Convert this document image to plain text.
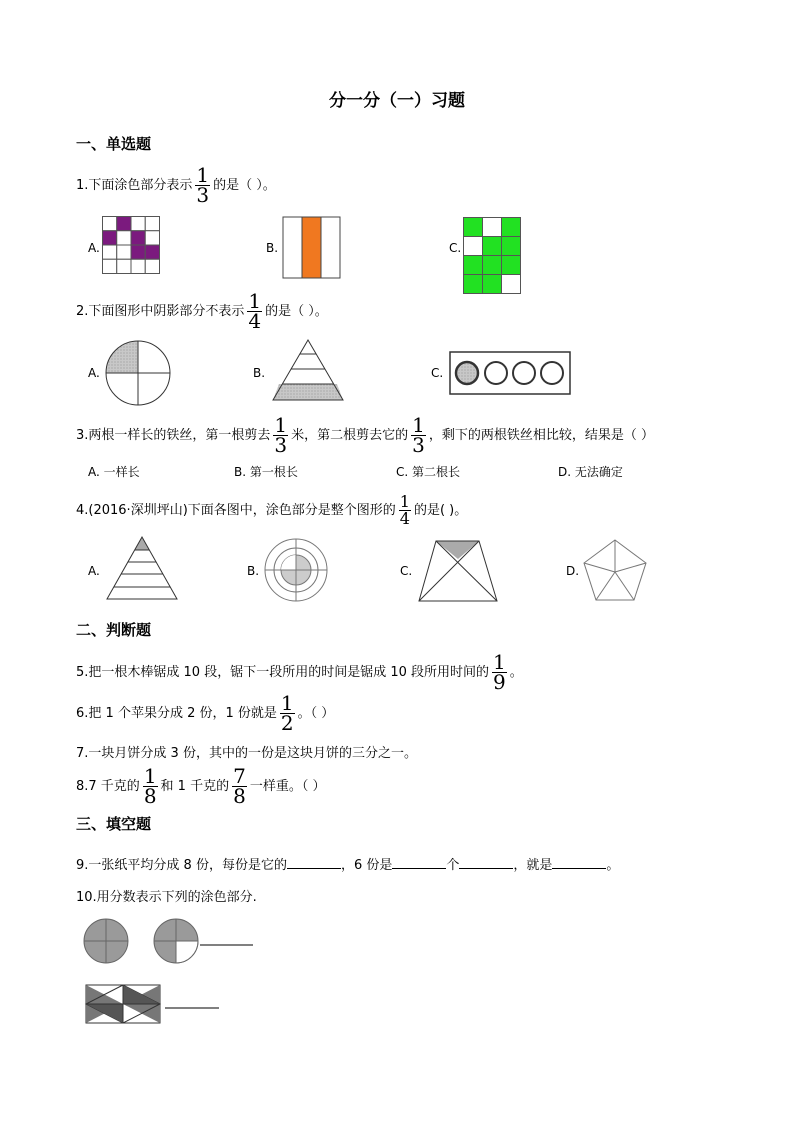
分一分（一）习题
一、单选题
1.下面涂色部分表示 $\frac{1}{3}$ 的是（ ）。
A.	B.	C.
2.下面图形中阴影部分不表示 $\frac{1}{4}$ 的是（ ）。
A.	B.	C.
3.两根一样长的铁丝，第一根剪去 $\frac{1}{3}$ 米，第二根剪去它的 $\frac{1}{3}$ ，剩下的两根铁丝相比较，结果是（ ）
A. 一样长	B. 第一根长	C. 第二根长	D. 无法确定
4.(2016·深圳坪山)下面各图中，涂色部分是整个图形的 $\frac{1}{4}$ 的是( )。
A.	B.	C.	D.
二、判断题
5.把一根木棒锯成 10 段，锯下一段所用的时间是锯成 10 段所用时间的 $\frac{1}{9}$ 。
6.把 1 个苹果分成 2 份，1 份就是 $\frac{1}{2}$ 。（ ）
7.一块月饼分成 3 份，其中的一份是这块月饼的三分之一。
8.7 千克的 $\frac{1}{8}$ 和 1 千克的 $\frac{7}{8}$ 一样重。（ ）
三、填空题
9.一张纸平均分成 8 份，每份是它的	，6 份是	个	，就是	。
10.用分数表示下列的涂色部分.
